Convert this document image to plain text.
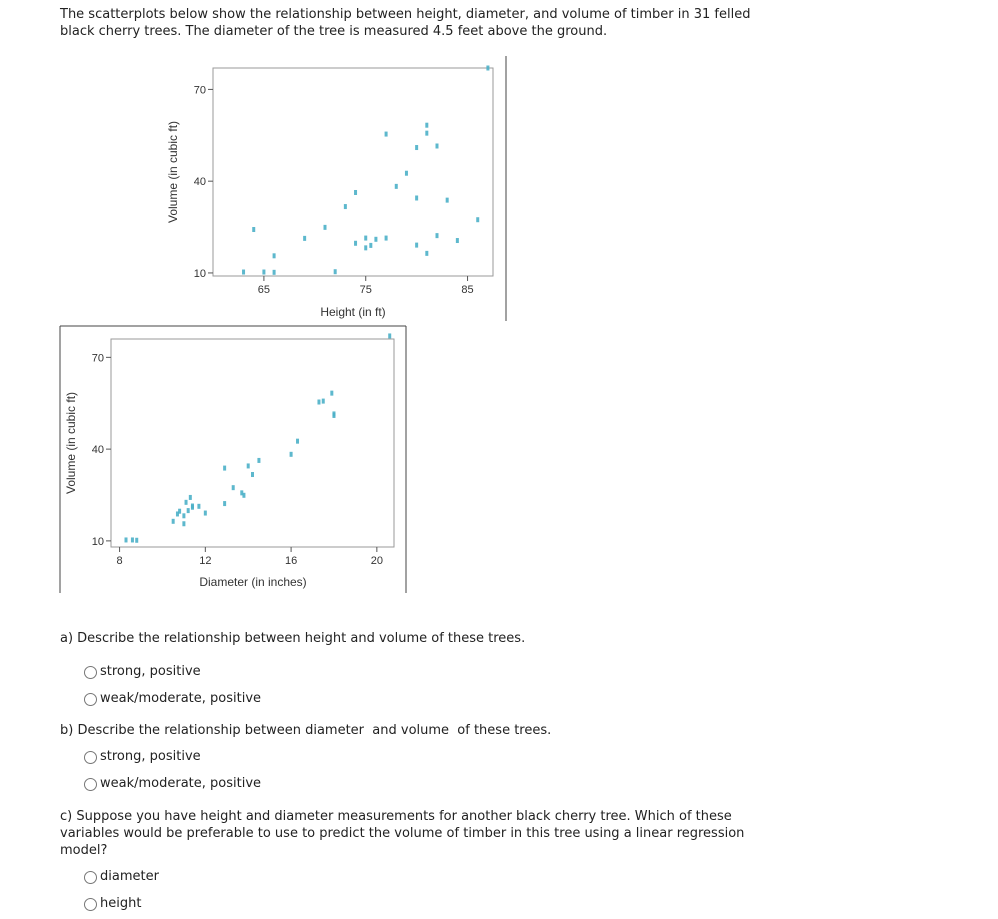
The scatterplots below show the relationship between height, diameter, and volume of timber in 31 felled

black cherry trees. The diameter of the tree is measured 4.5 feet above the ground.

10
40
70
65	75	85
Volume (in cubic ft)
Height (in ft)
10
40
70
8	12	16	20
Volume (in cubic ft)
Diameter (in inches)

a) Describe the relationship between height and volume of these trees.

strong, positive
weak/moderate, positive

b) Describe the relationship between diameter  and volume  of these trees.

strong, positive
weak/moderate, positive

c) Suppose you have height and diameter measurements for another black cherry tree. Which of these

variables would be preferable to use to predict the volume of timber in this tree using a linear regression

model?

diameter
height
